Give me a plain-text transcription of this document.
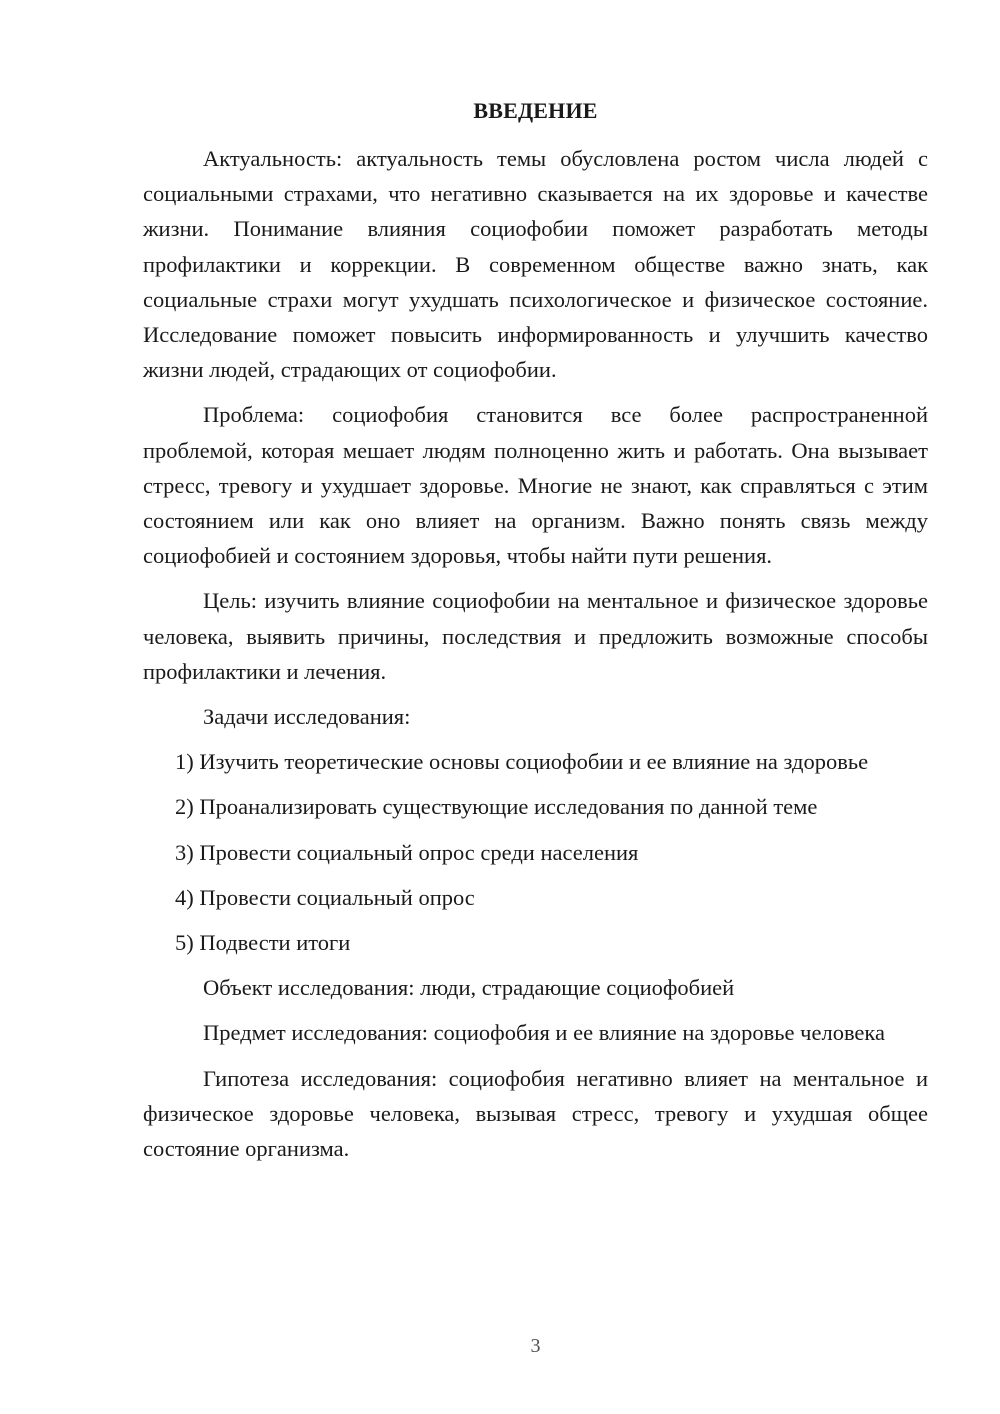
ВВЕДЕНИЕ

Актуальность: актуальность темы обусловлена ростом числа людей с социальными страхами, что негативно сказывается на их здоровье и качестве жизни. Понимание влияния социофобии поможет разработать методы профилактики и коррекции. В современном обществе важно знать, как социальные страхи могут ухудшать психологическое и физическое состояние. Исследование поможет повысить информированность и улучшить качество жизни людей, страдающих от социофобии.

Проблема: социофобия становится все более распространенной проблемой, которая мешает людям полноценно жить и работать. Она вызывает стресс, тревогу и ухудшает здоровье. Многие не знают, как справляться с этим состоянием или как оно влияет на организм. Важно понять связь между социофобией и состоянием здоровья, чтобы найти пути решения.

Цель: изучить влияние социофобии на ментальное и физическое здоровье человека, выявить причины, последствия и предложить возможные способы профилактики и лечения.

Задачи исследования:

1) Изучить теоретические основы социофобии и ее влияние на здоровье

2) Проанализировать существующие исследования по данной теме

3) Провести социальный опрос среди населения

4) Провести социальный опрос

5) Подвести итоги

Объект исследования: люди, страдающие социофобией

Предмет исследования: социофобия и ее влияние на здоровье человека

Гипотеза исследования: социофобия негативно влияет на ментальное и физическое здоровье человека, вызывая стресс, тревогу и ухудшая общее состояние организма.

3
